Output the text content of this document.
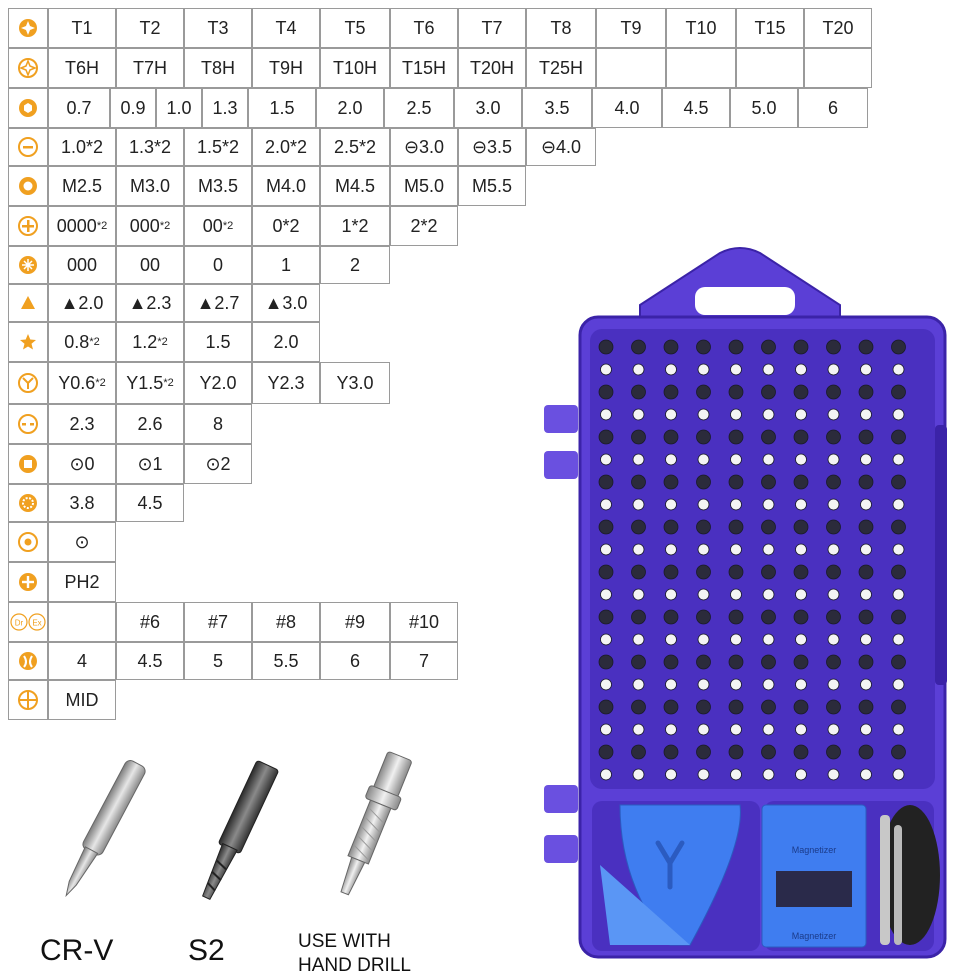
T1	T2	T3	T4	T5	T6	T7	T8	T9	T10	T15	T20
T6H	T7H	T8H	T9H	T10H	T15H	T20H	T25H
0.7	0.9	1.0	1.3	1.5	2.0	2.5	3.0	3.5	4.0	4.5	5.0	6
1.0*2	1.3*2	1.5*2	2.0*2	2.5*2	⊖3.0	⊖3.5	⊖4.0
M2.5	M3.0	M3.5	M4.0	M4.5	M5.0	M5.5
0000 *2	000 *2	00 *2	0*2	1*2	2*2
000	00	0	1	2
▲2.0	▲2.3	▲2.7	▲3.0
0.8 *2	1.2 *2	1.5	2.0
Y0.6 *2	Y1.5 *2	Y2.0	Y2.3	Y3.0
2.3	2.6	8
⊙0	⊙1	⊙2
3.8	4.5
⊙
PH2
Dr Ex	#6	#7	#8	#9	#10
4	4.5	5	5.5	6	7
MID
CR-V S2	USE WITH
HAND DRILL
Magnetizer
Magnetizer
